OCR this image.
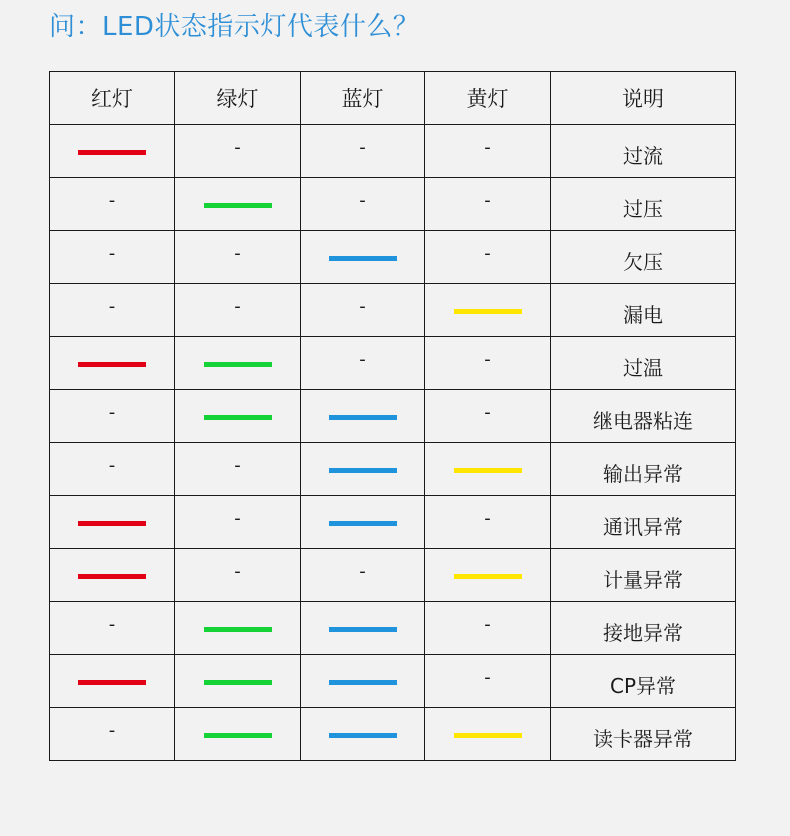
问：LED状态指示灯代表什么？
红灯	绿灯	蓝灯	黄灯	说明
	-	-	-	过流
-		-	-	过压
-	-		-	欠压
-	-	-		漏电
		-	-	过温
-			-	继电器粘连
-	-			输出异常
	-		-	通讯异常
	-	-		计量异常
-			-	接地异常
			-	CP异常
-				读卡器异常
